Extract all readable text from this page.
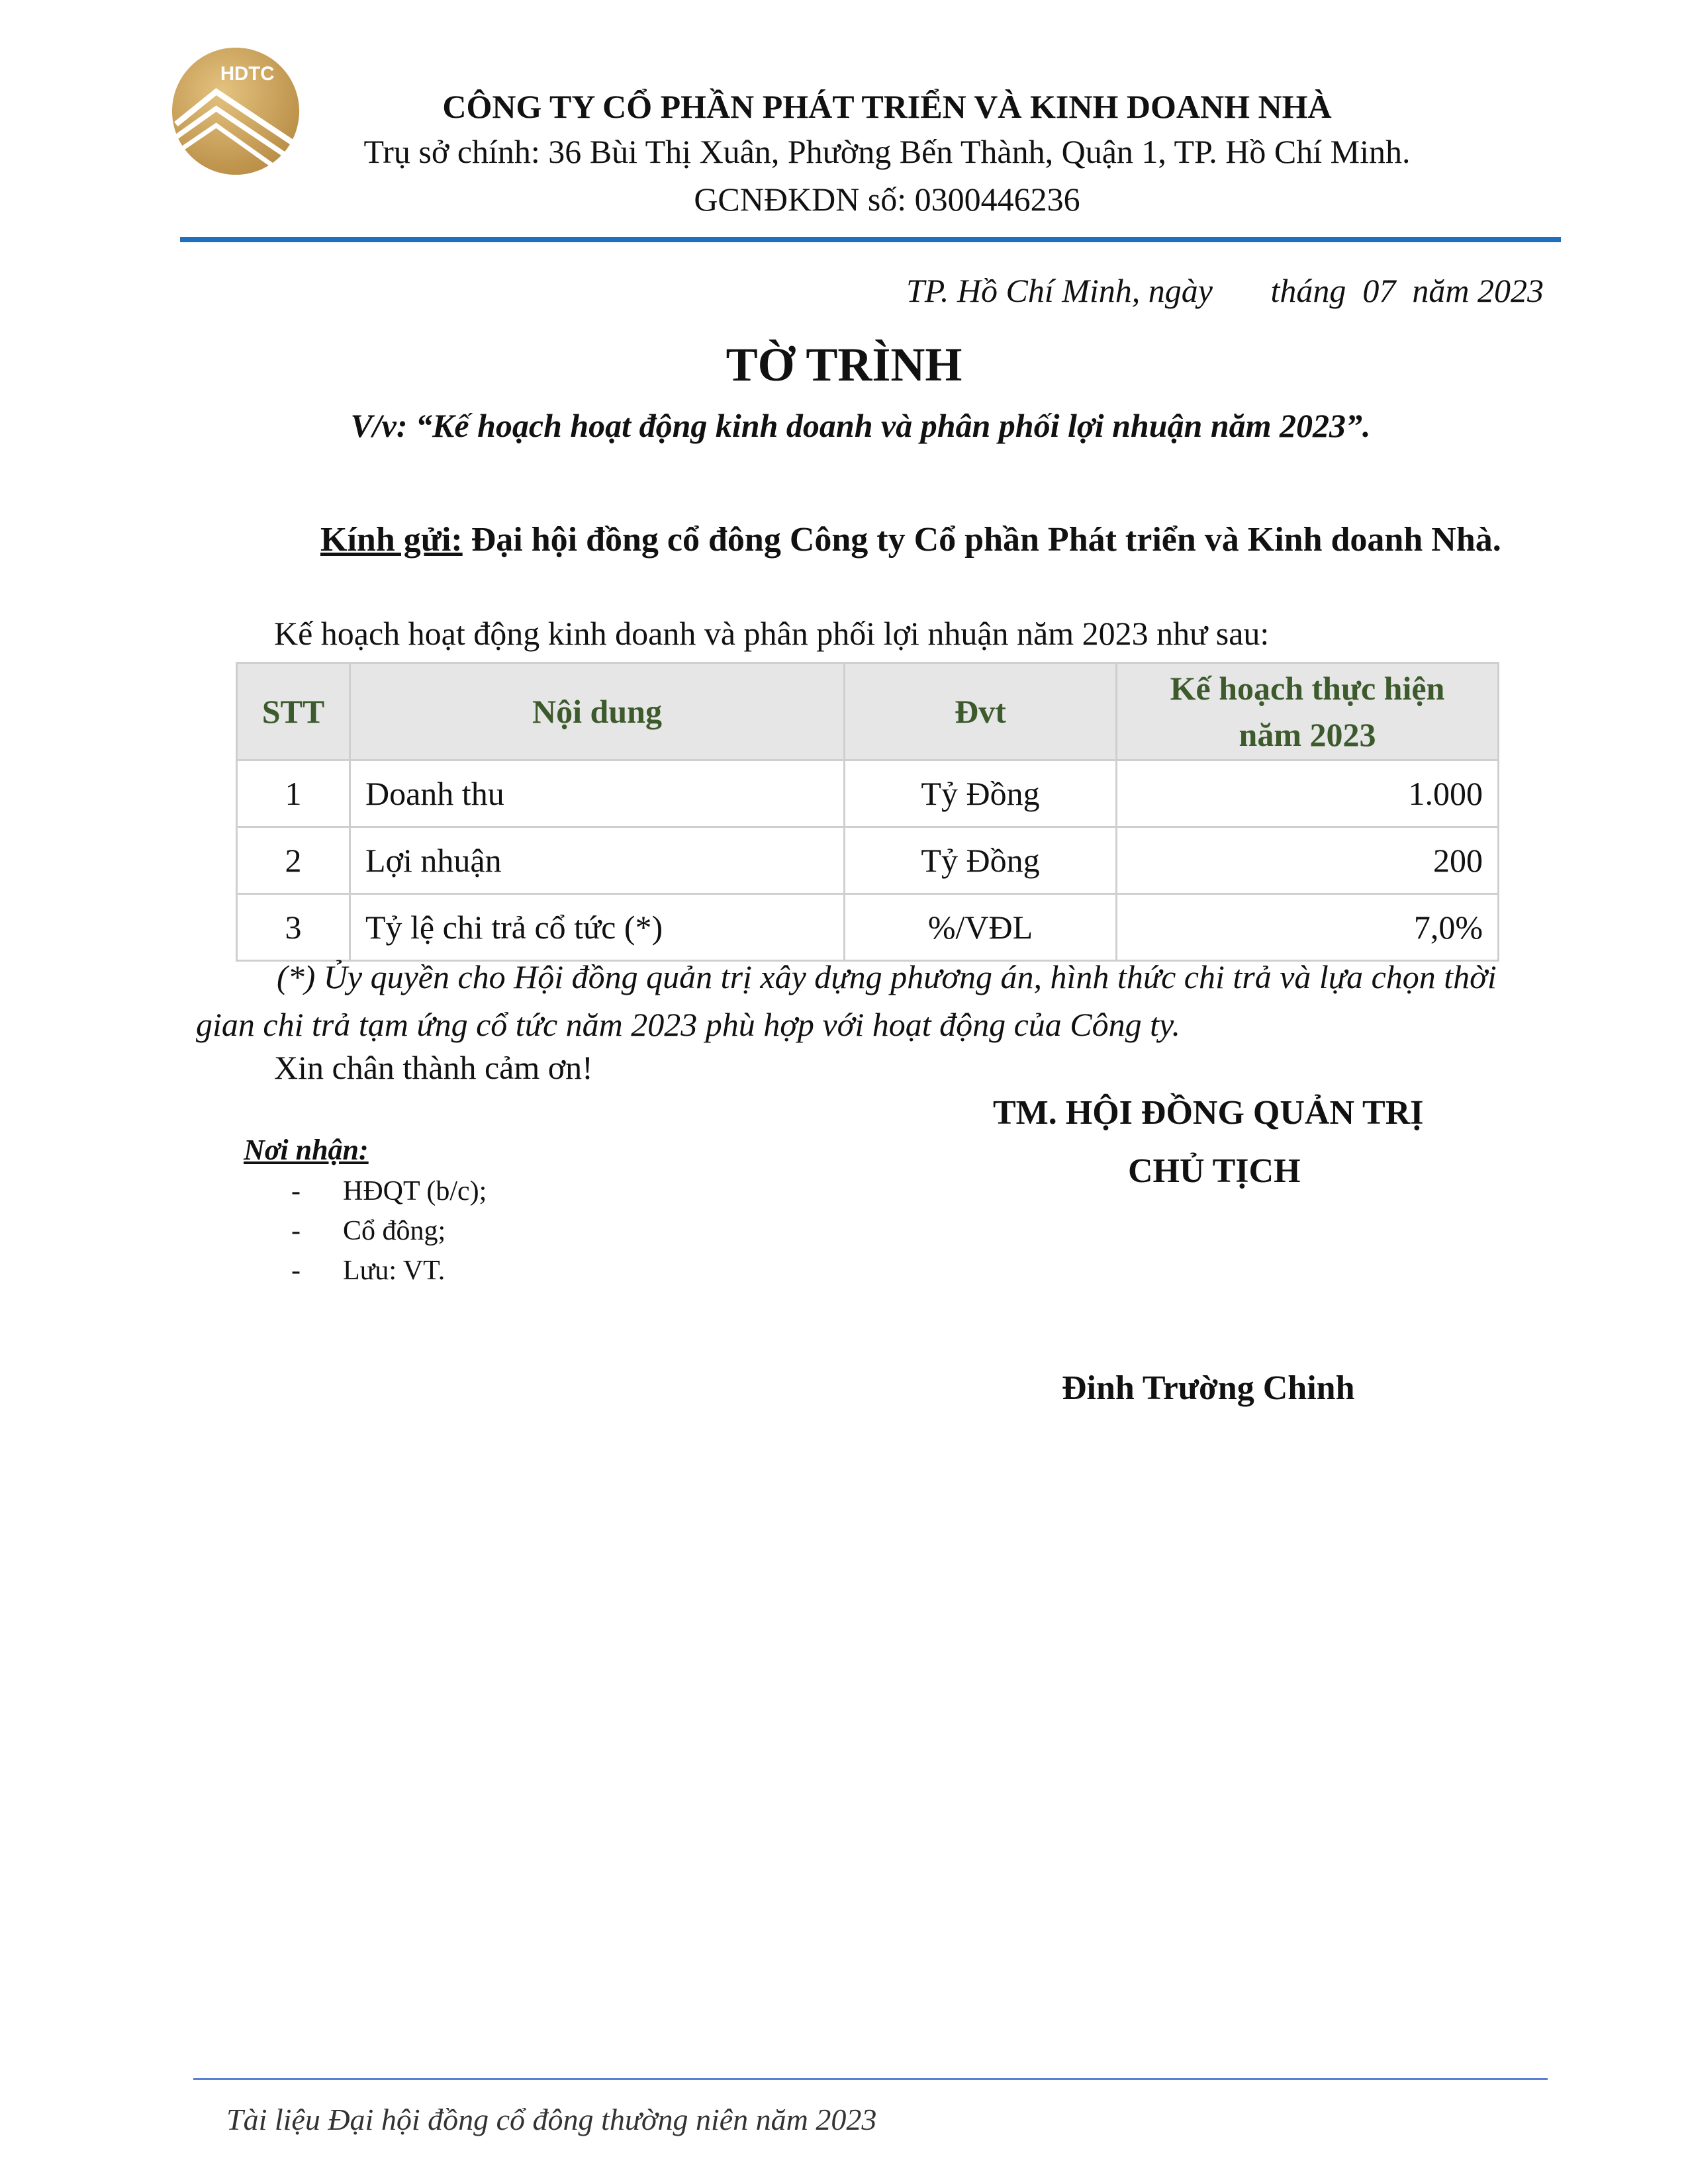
HDTC
CÔNG TY CỔ PHẦN PHÁT TRIỂN VÀ KINH DOANH NHÀ
Trụ sở chính: 36 Bùi Thị Xuân, Phường Bến Thành, Quận 1, TP. Hồ Chí Minh.
GCNĐKDN số: 0300446236
TP. Hồ Chí Minh, ngày       tháng  07  năm 2023
TỜ TRÌNH
V/v: “Kế hoạch hoạt động kinh doanh và phân phối lợi nhuận năm 2023”.
Kính gửi: Đại hội đồng cổ đông Công ty Cổ phần Phát triển và Kinh doanh Nhà.
Kế hoạch hoạt động kinh doanh và phân phối lợi nhuận năm 2023 như sau:
STT	Nội dung	Đvt	Kế hoạch thực hiện năm 2023

1	Doanh thu	Tỷ Đồng	1.000
2	Lợi nhuận	Tỷ Đồng	200
3	Tỷ lệ chi trả cổ tức (*)	%/VĐL	7,0%
(*) Ủy quyền cho Hội đồng quản trị xây dựng phương án, hình thức chi trả và lựa chọn thời gian chi trả tạm ứng cổ tức năm 2023 phù hợp với hoạt động của Công ty.
Xin chân thành cảm ơn!
TM. HỘI ĐỒNG QUẢN TRỊ
CHỦ TỊCH
Đinh Trường Chinh
Nơi nhận:
- HĐQT (b/c);
- Cổ đông;
- Lưu: VT.
Tài liệu Đại hội đồng cổ đông thường niên năm 2023
